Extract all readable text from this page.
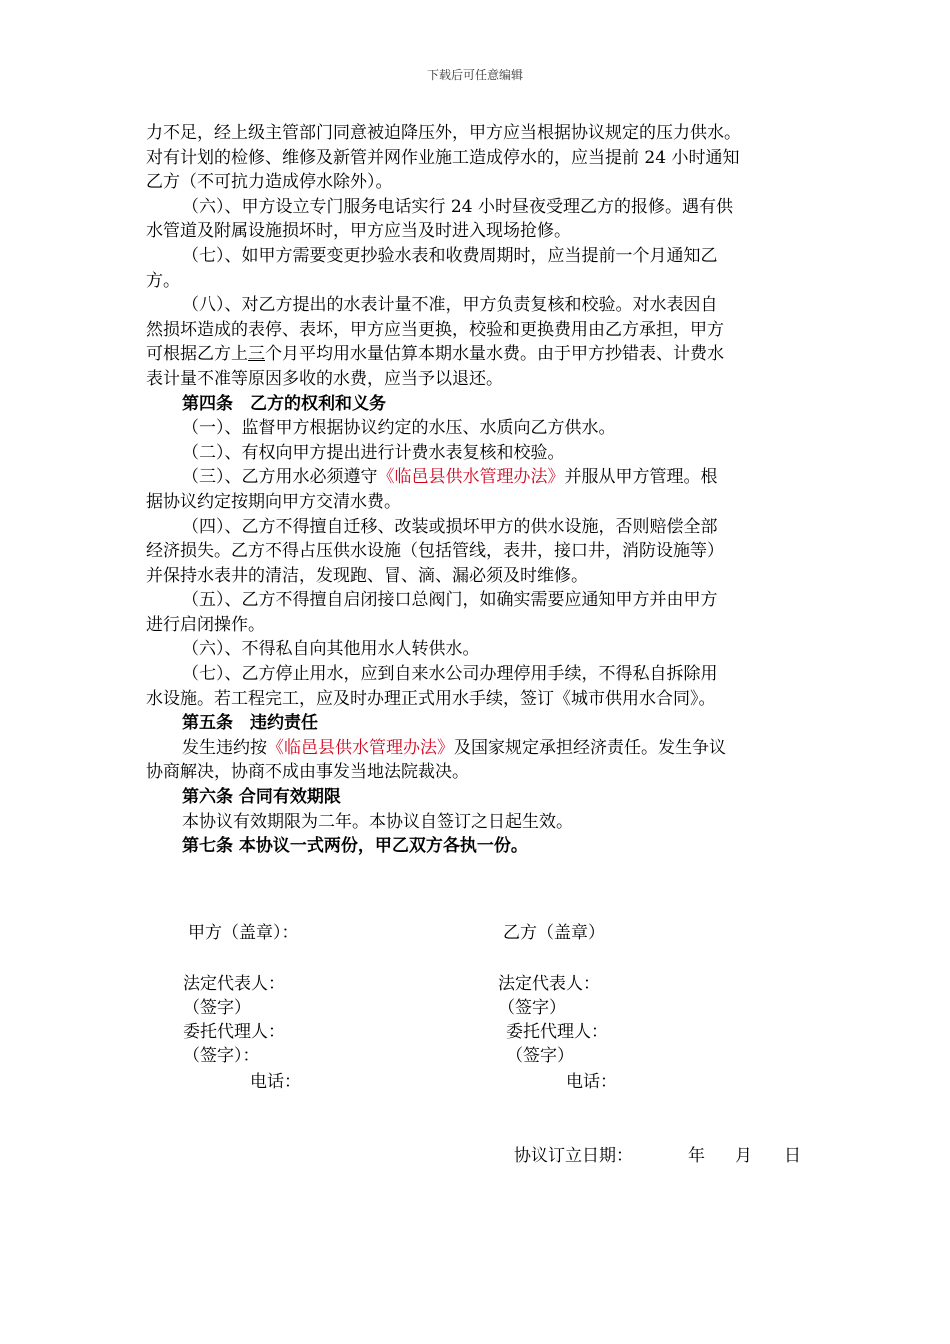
下载后可任意编辑
力不足，经上级主管部门同意被迫降压外，甲方应当根据协议规定的压力供水。
对有计划的检修、维修及新管并网作业施工造成停水的，应当提前 24 小时通知
乙方（不可抗力造成停水除外）。
（六）、甲方设立专门服务电话实行 24 小时昼夜受理乙方的报修。遇有供
水管道及附属设施损坏时，甲方应当及时进入现场抢修。
（七）、如甲方需要变更抄验水表和收费周期时，应当提前一个月通知乙
方。
（八）、对乙方提出的水表计量不准，甲方负责复核和校验。对水表因自
然损坏造成的表停、表坏，甲方应当更换，校验和更换费用由乙方承担，甲方
可根据乙方上三个月平均用水量估算本期水量水费。由于甲方抄错表、计费水
表计量不准等原因多收的水费，应当予以退还。
第四条　乙方的权利和义务
（一）、监督甲方根据协议约定的水压、水质向乙方供水。
（二）、有权向甲方提出进行计费水表复核和校验。
（三）、乙方用水必须遵守《临邑县供水管理办法》并服从甲方管理。根
据协议约定按期向甲方交清水费。
（四）、乙方不得擅自迁移、改装或损坏甲方的供水设施，否则赔偿全部
经济损失。乙方不得占压供水设施（包括管线，表井，接口井，消防设施等）
并保持水表井的清洁，发现跑、冒、滴、漏必须及时维修。
（五）、乙方不得擅自启闭接口总阀门，如确实需要应通知甲方并由甲方
进行启闭操作。
（六）、不得私自向其他用水人转供水。
（七）、乙方停止用水，应到自来水公司办理停用手续，不得私自拆除用
水设施。若工程完工，应及时办理正式用水手续，签订《城市供用水合同》。
第五条　违约责任
发生违约按《临邑县供水管理办法》及国家规定承担经济责任。发生争议
协商解决，协商不成由事发当地法院裁决。
第六条 合同有效期限
本协议有效期限为二年。本协议自签订之日起生效。
第七条 本协议一式两份，甲乙双方各执一份。
甲方（盖章）：	乙方（盖章）
法定代表人：	法定代表人：
（签字）	（签字）
委托代理人：	委托代理人：
（签字）：	（签字）
电话：	电话：
协议订立日期：	年 月 日
